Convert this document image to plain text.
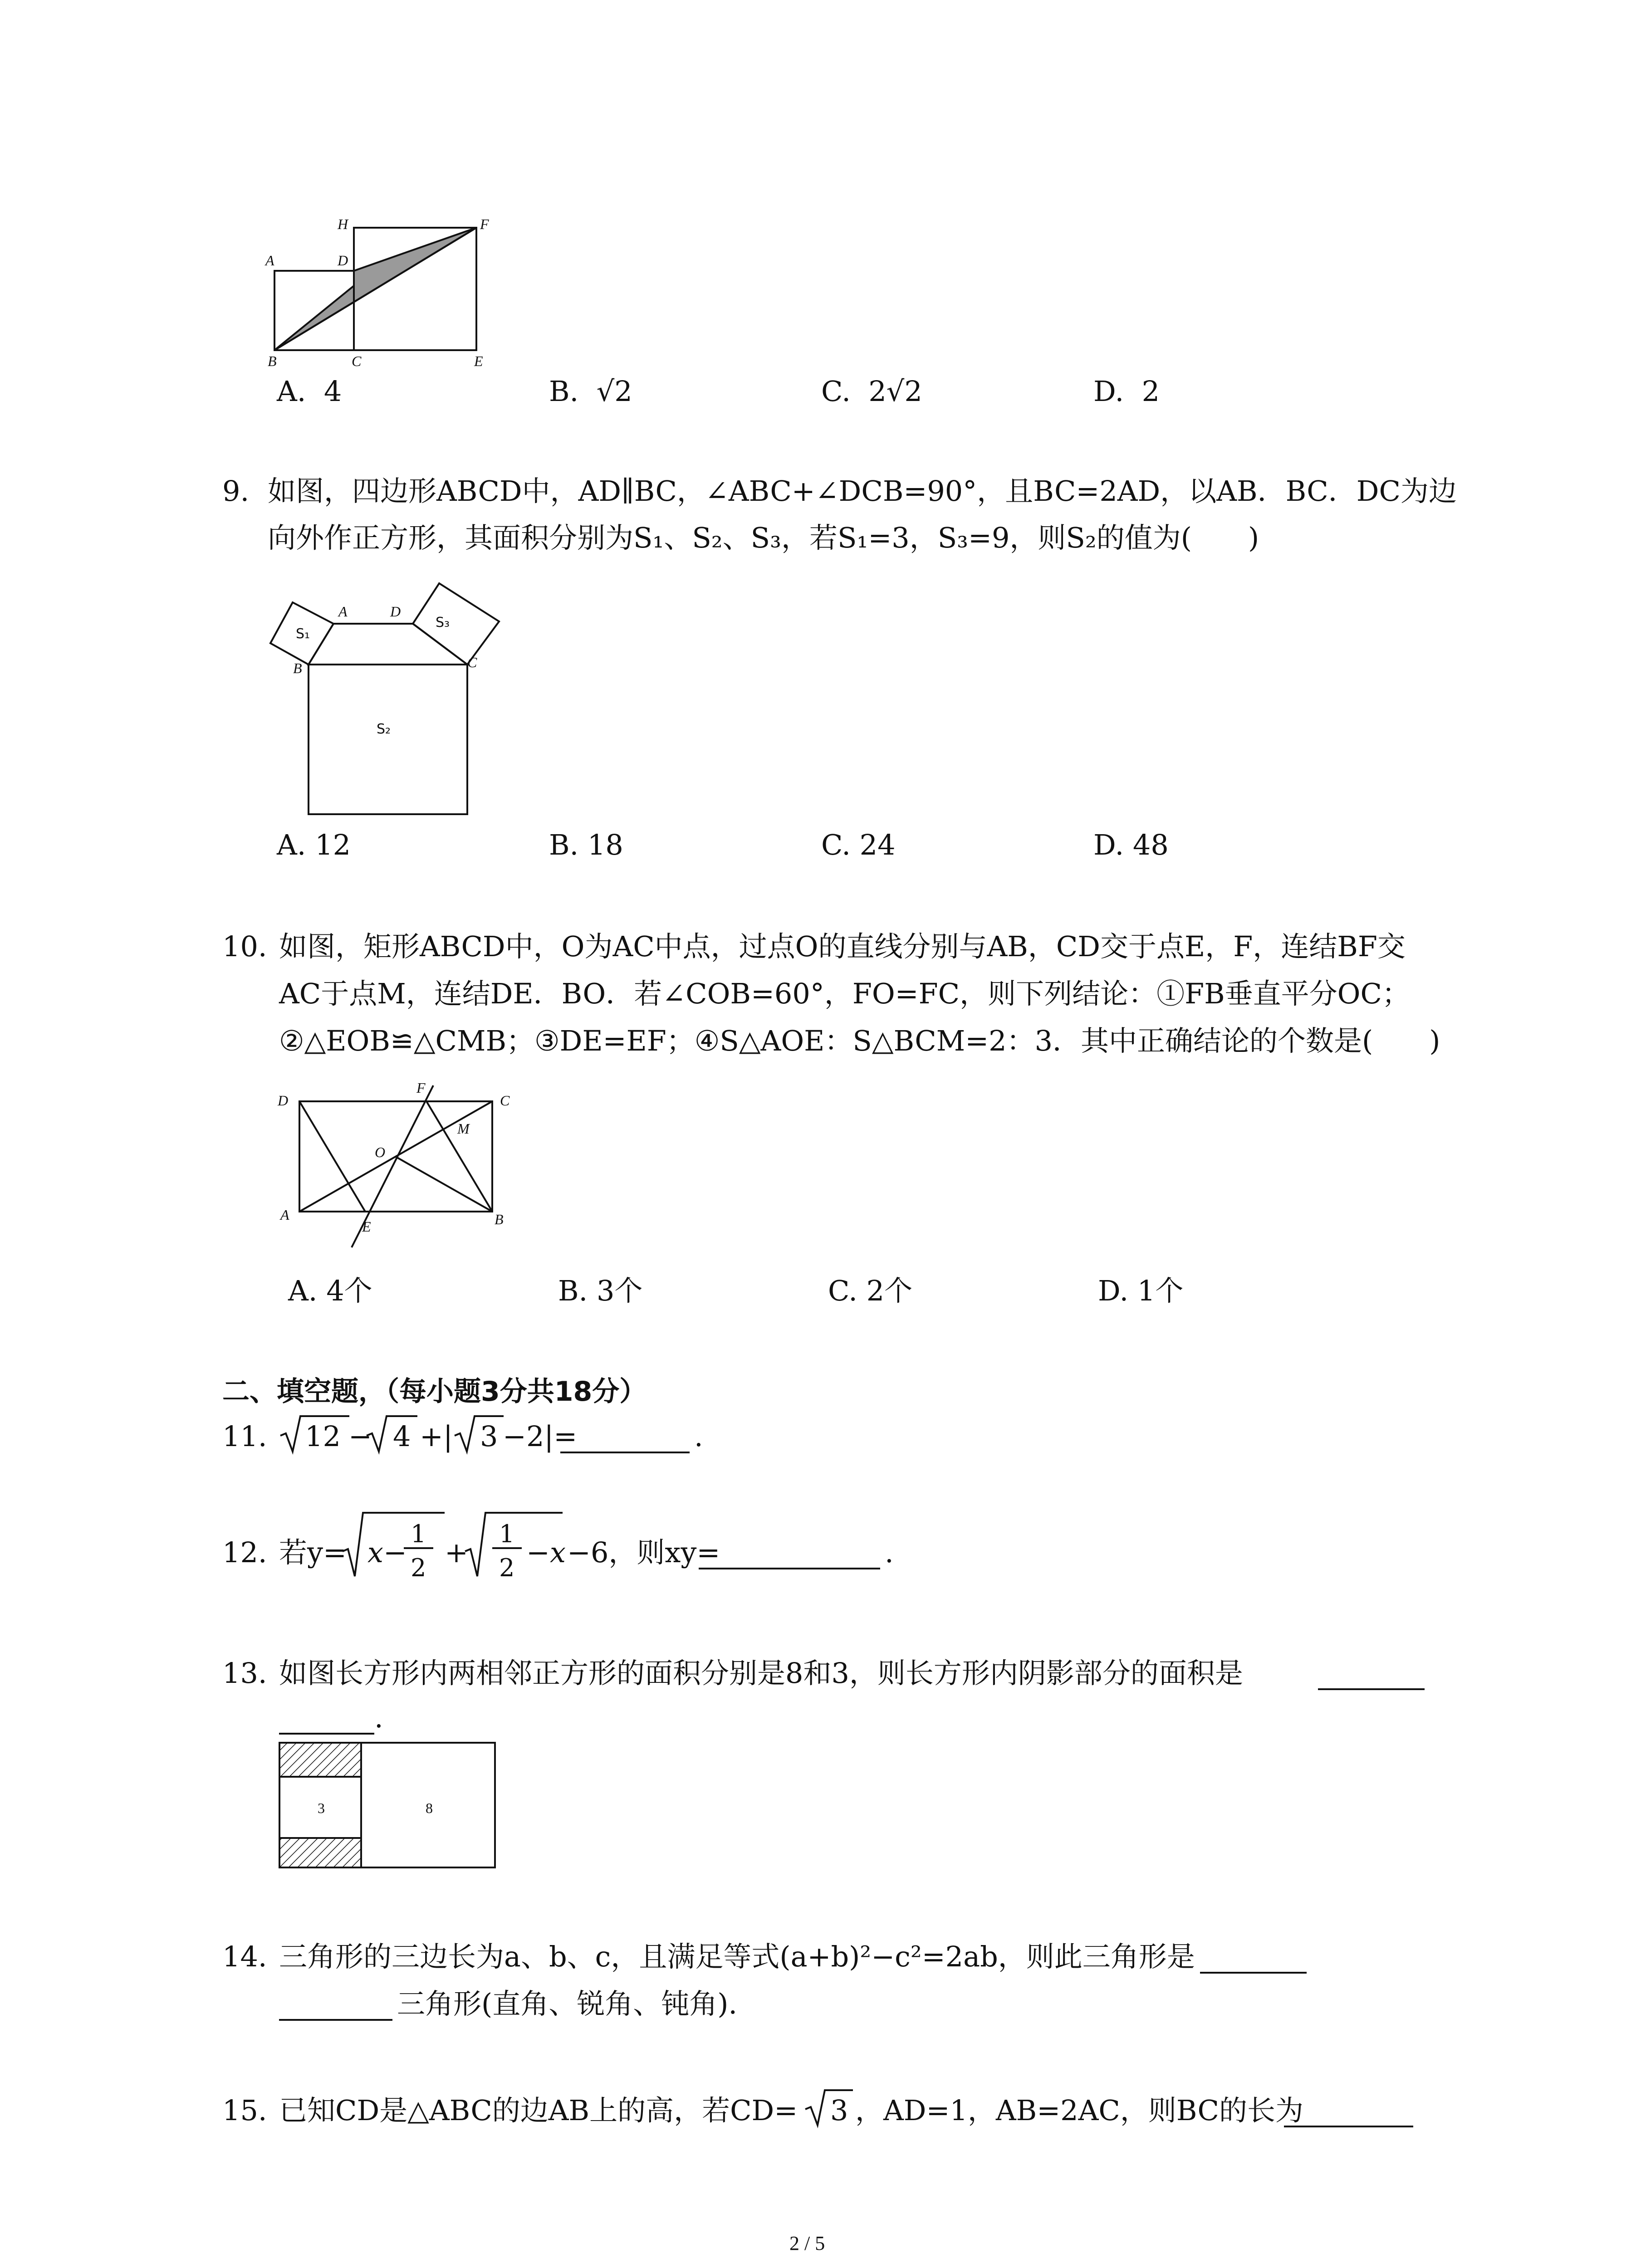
H	F
A	D
B	C	E
A. 4	B. √2	C. 2√2	D. 2
9. 如图，四边形ABCD中，AD∥BC，∠ABC+∠DCB=90°，且BC=2AD，以AB．BC．DC为边
向外作正方形，其面积分别为S₁、S₂、S₃，若S₁=3，S₃=9，则S₂的值为(　　)
A	D
B	C
S₁
S₃
S₂
A. 12	B. 18	C. 24	D. 48
10. 如图，矩形ABCD中，O为AC中点，过点O的直线分别与AB，CD交于点E，F，连结BF交
AC于点M，连结DE．BO．若∠COB=60°，FO=FC，则下列结论：①FB垂直平分OC；
②△EOB≌△CMB；③DE=EF；④S△AOE：S△BCM=2：3．其中正确结论的个数是(　　)
D
F
C
M
O
A
E	B
A. 4个	B. 3个	C. 2个	D. 1个
二、填空题，（每小题3分共18分）
11. 12 − 4 +| 3 −2|=	.
12. 若y= x−
1
2 +
1
2 −x −6，则xy=	.
13. 如图长方形内两相邻正方形的面积分别是8和3，则长方形内阴影部分的面积是
.
3	8
14. 三角形的三边长为a、b、c，且满足等式(a+b)²−c²=2ab，则此三角形是
三角形(直角、锐角、钝角).
15. 已知CD是△ABC的边AB上的高，若CD= 3 ，AD=1，AB=2AC，则BC的长为
2 / 5
